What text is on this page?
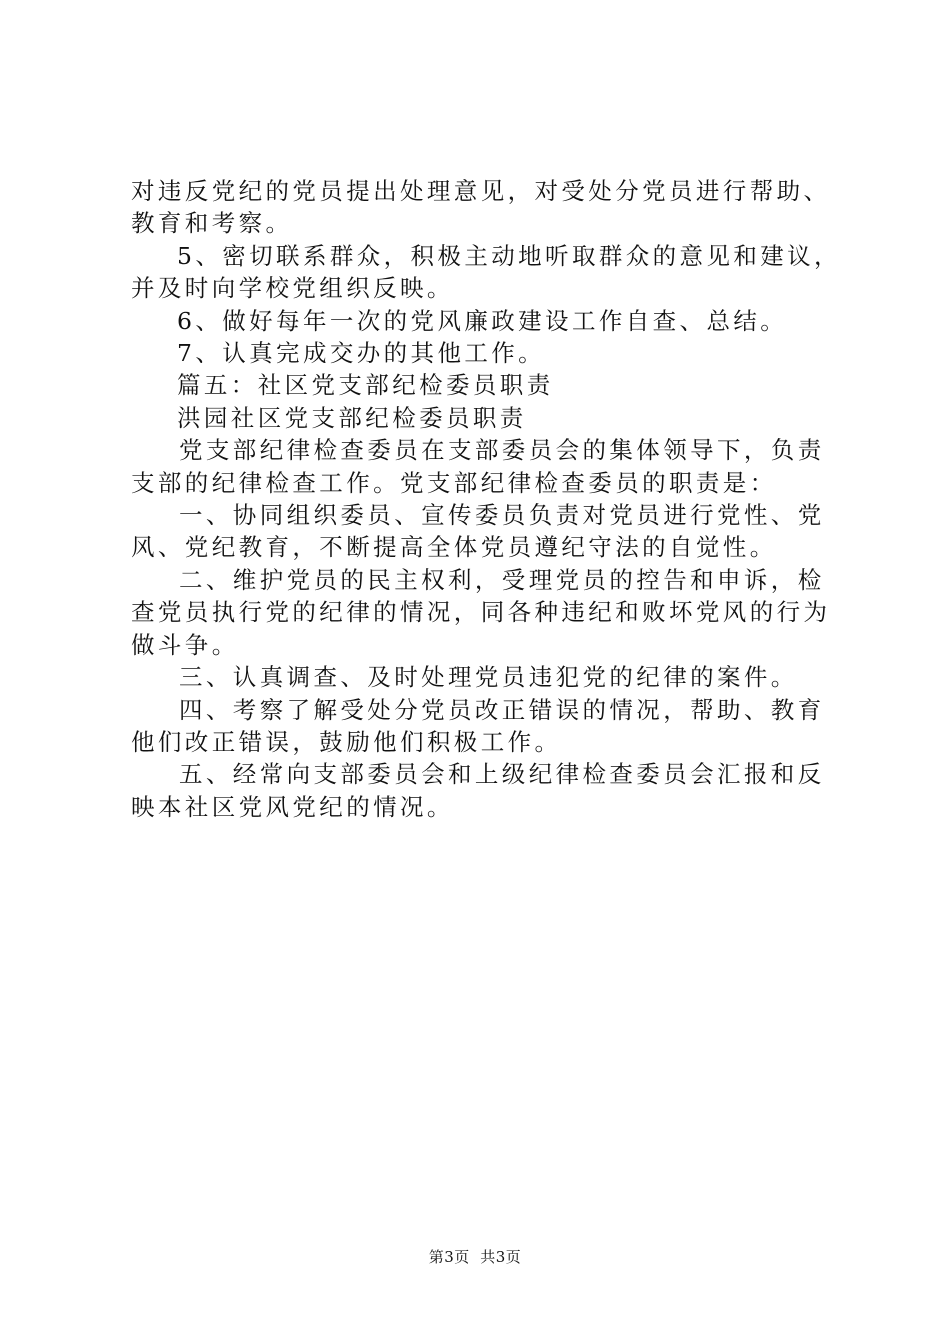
对违反党纪的党员提出处理意见，对受处分党员进行帮助、教育和考察。

5、密切联系群众，积极主动地听取群众的意见和建议，并及时向学校党组织反映。

6、做好每年一次的党风廉政建设工作自查、总结。

7、认真完成交办的其他工作。

篇五：社区党支部纪检委员职责

洪园社区党支部纪检委员职责

党支部纪律检查委员在支部委员会的集体领导下，负责支部的纪律检查工作。党支部纪律检查委员的职责是：

一、协同组织委员、宣传委员负责对党员进行党性、党风、党纪教育，不断提高全体党员遵纪守法的自觉性。

二、维护党员的民主权利，受理党员的控告和申诉，检查党员执行党的纪律的情况，同各种违纪和败坏党风的行为做斗争。

三、认真调查、及时处理党员违犯党的纪律的案件。

四、考察了解受处分党员改正错误的情况，帮助、教育他们改正错误，鼓励他们积极工作。

五、经常向支部委员会和上级纪律检查委员会汇报和反映本社区党风党纪的情况。

第3页  共3页
